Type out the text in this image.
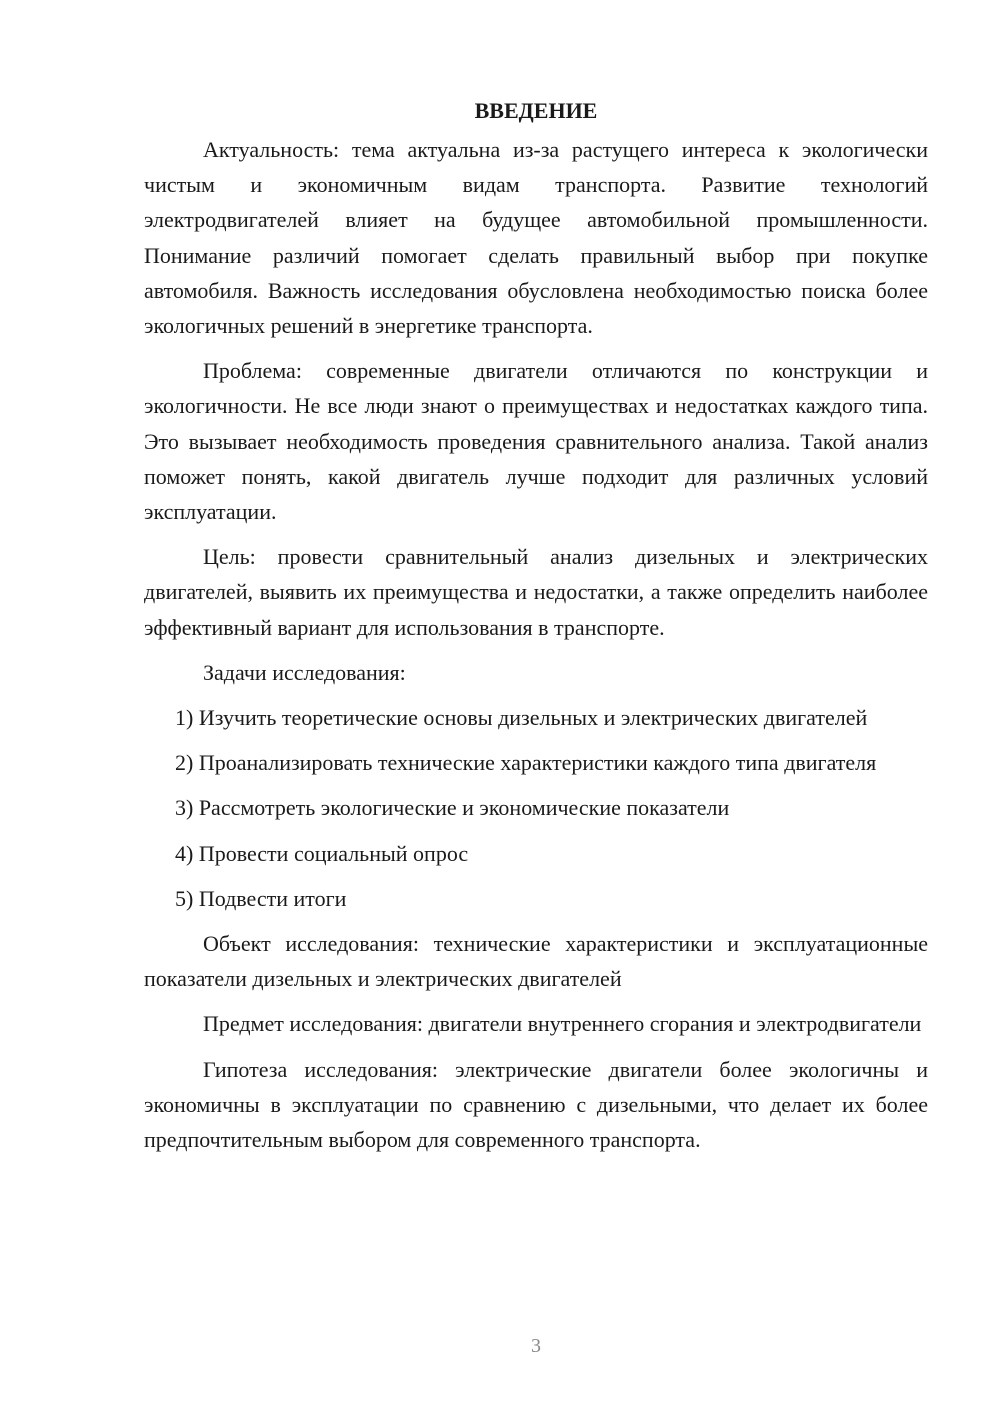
ВВЕДЕНИЕ

Актуальность: тема актуальна из-за растущего интереса к экологически чистым и экономичным видам транспорта. Развитие технологий электродвигателей влияет на будущее автомобильной промышленности. Понимание различий помогает сделать правильный выбор при покупке автомобиля. Важность исследования обусловлена необходимостью поиска более экологичных решений в энергетике транспорта.

Проблема: современные двигатели отличаются по конструкции и экологичности. Не все люди знают о преимуществах и недостатках каждого типа. Это вызывает необходимость проведения сравнительного анализа. Такой анализ поможет понять, какой двигатель лучше подходит для различных условий эксплуатации.

Цель: провести сравнительный анализ дизельных и электрических двигателей, выявить их преимущества и недостатки, а также определить наиболее эффективный вариант для использования в транспорте.

Задачи исследования:

1) Изучить теоретические основы дизельных и электрических двигателей

2) Проанализировать технические характеристики каждого типа двигателя

3) Рассмотреть экологические и экономические показатели

4) Провести социальный опрос

5) Подвести итоги

Объект исследования: технические характеристики и эксплуатационные показатели дизельных и электрических двигателей

Предмет исследования: двигатели внутреннего сгорания и электродвигатели

Гипотеза исследования: электрические двигатели более экологичны и экономичны в эксплуатации по сравнению с дизельными, что делает их более предпочтительным выбором для современного транспорта.

3
